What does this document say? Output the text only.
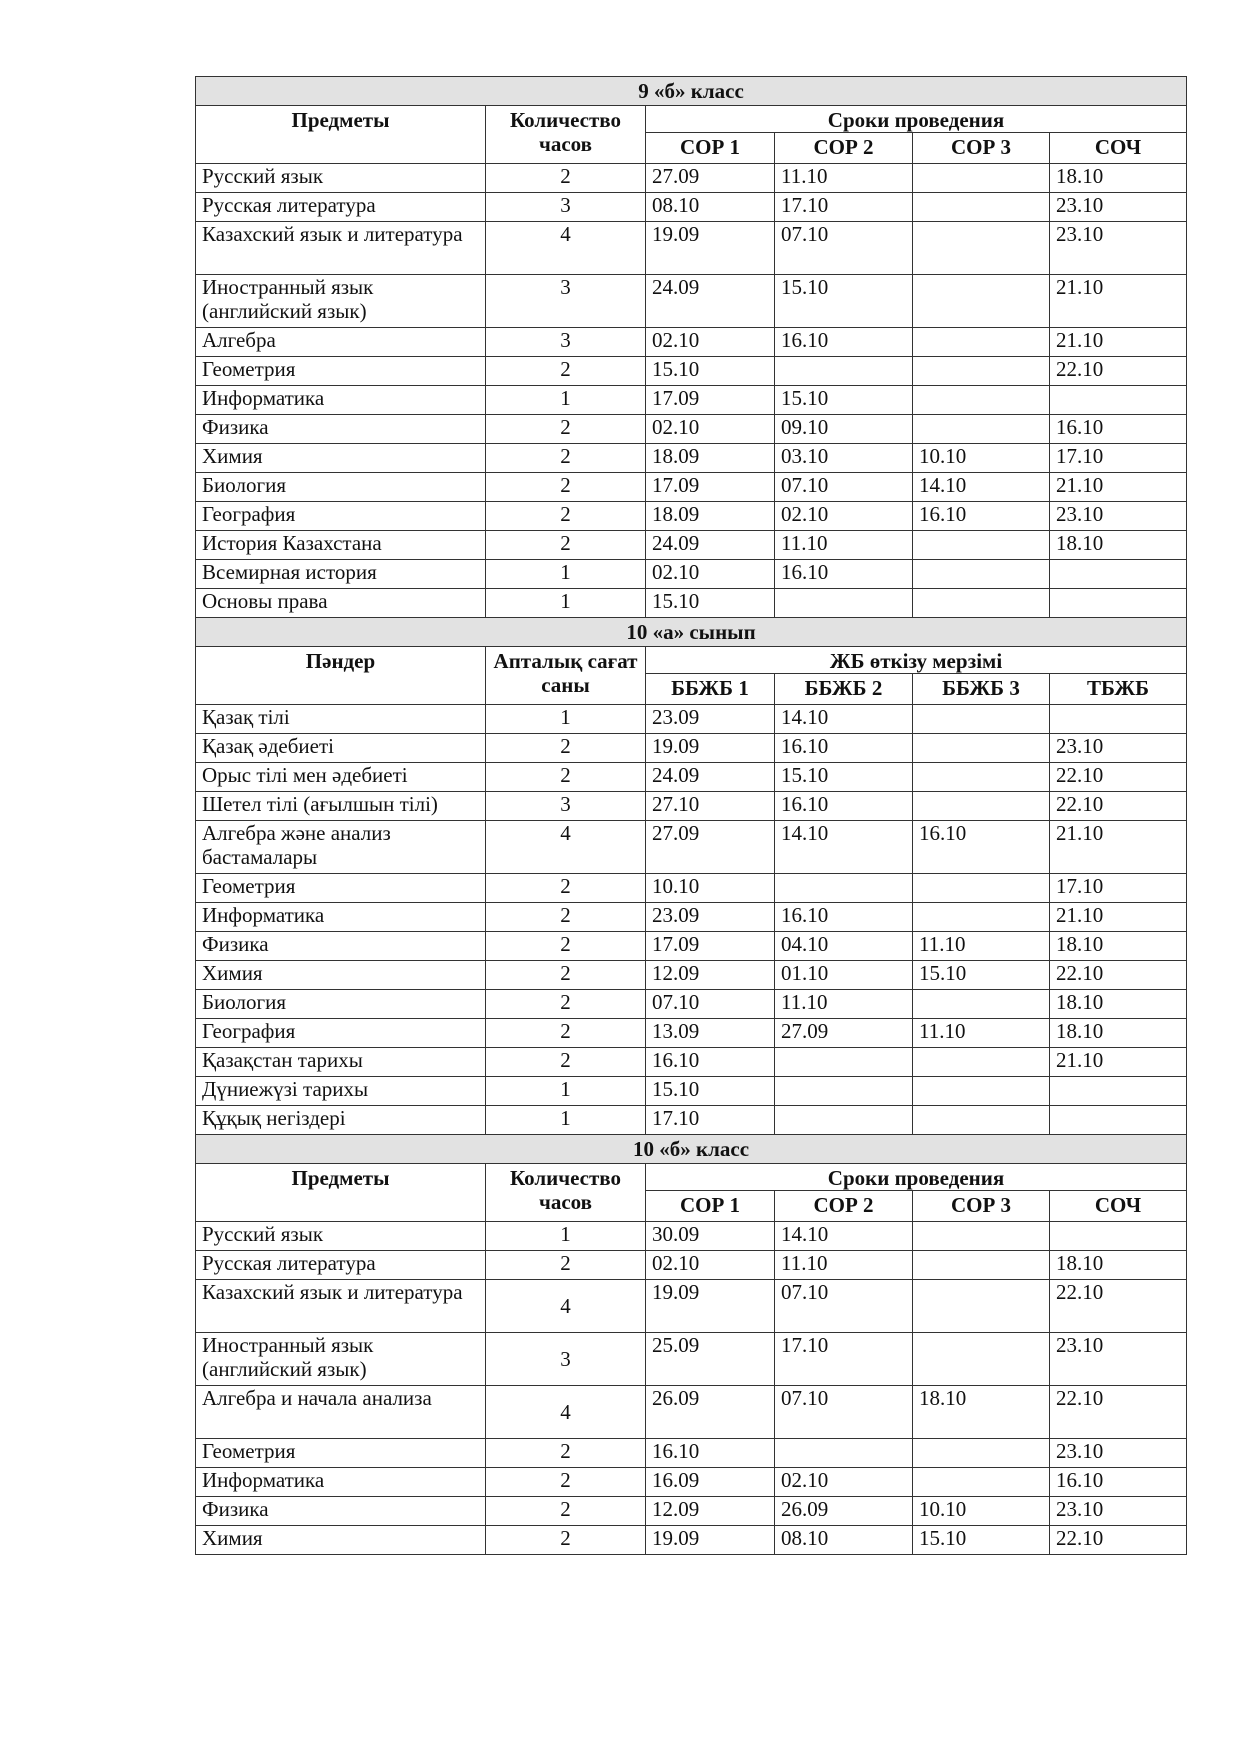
9 «б» класс					
Предметы	Количество часов	Сроки проведения			
		СОР 1	СОР 2	СОР 3	СОЧ
Русский язык	2	27.09	11.10		18.10
Русская литература	3	08.10	17.10		23.10
Казахский язык и литература	4	19.09	07.10		23.10
Иностранный язык (английский язык)	3	24.09	15.10		21.10
Алгебра	3	02.10	16.10		21.10
Геометрия	2	15.10			22.10
Информатика	1	17.09	15.10		
Физика	2	02.10	09.10		16.10
Химия	2	18.09	03.10	10.10	17.10
Биология	2	17.09	07.10	14.10	21.10
География	2	18.09	02.10	16.10	23.10
История Казахстана	2	24.09	11.10		18.10
Всемирная история	1	02.10	16.10		
Основы права	1	15.10			
10 «а» сынып					
Пәндер	Апталық сағат саны	ЖБ өткізу мерзімі			
		ББЖБ 1	ББЖБ 2	ББЖБ 3	ТБЖБ
Қазақ тілі	1	23.09	14.10		
Қазақ әдебиеті	2	19.09	16.10		23.10
Орыс тілі мен әдебиеті	2	24.09	15.10		22.10
Шетел тілі (ағылшын тілі)	3	27.10	16.10		22.10
Алгебра және анализ бастамалары	4	27.09	14.10	16.10	21.10
Геометрия	2	10.10			17.10
Информатика	2	23.09	16.10		21.10
Физика	2	17.09	04.10	11.10	18.10
Химия	2	12.09	01.10	15.10	22.10
Биология	2	07.10	11.10		18.10
География	2	13.09	27.09	11.10	18.10
Қазақстан тарихы	2	16.10			21.10
Дүниежүзі тарихы	1	15.10			
Құқық негіздері	1	17.10			
10 «б» класс					
Предметы	Количество часов	Сроки проведения			
		СОР 1	СОР 2	СОР 3	СОЧ
Русский язык	1	30.09	14.10		
Русская литература	2	02.10	11.10		18.10
Казахский язык и литература	4	19.09	07.10		22.10
Иностранный язык (английский язык)	3	25.09	17.10		23.10
Алгебра и начала анализа	4	26.09	07.10	18.10	22.10
Геометрия	2	16.10			23.10
Информатика	2	16.09	02.10		16.10
Физика	2	12.09	26.09	10.10	23.10
Химия	2	19.09	08.10	15.10	22.10
